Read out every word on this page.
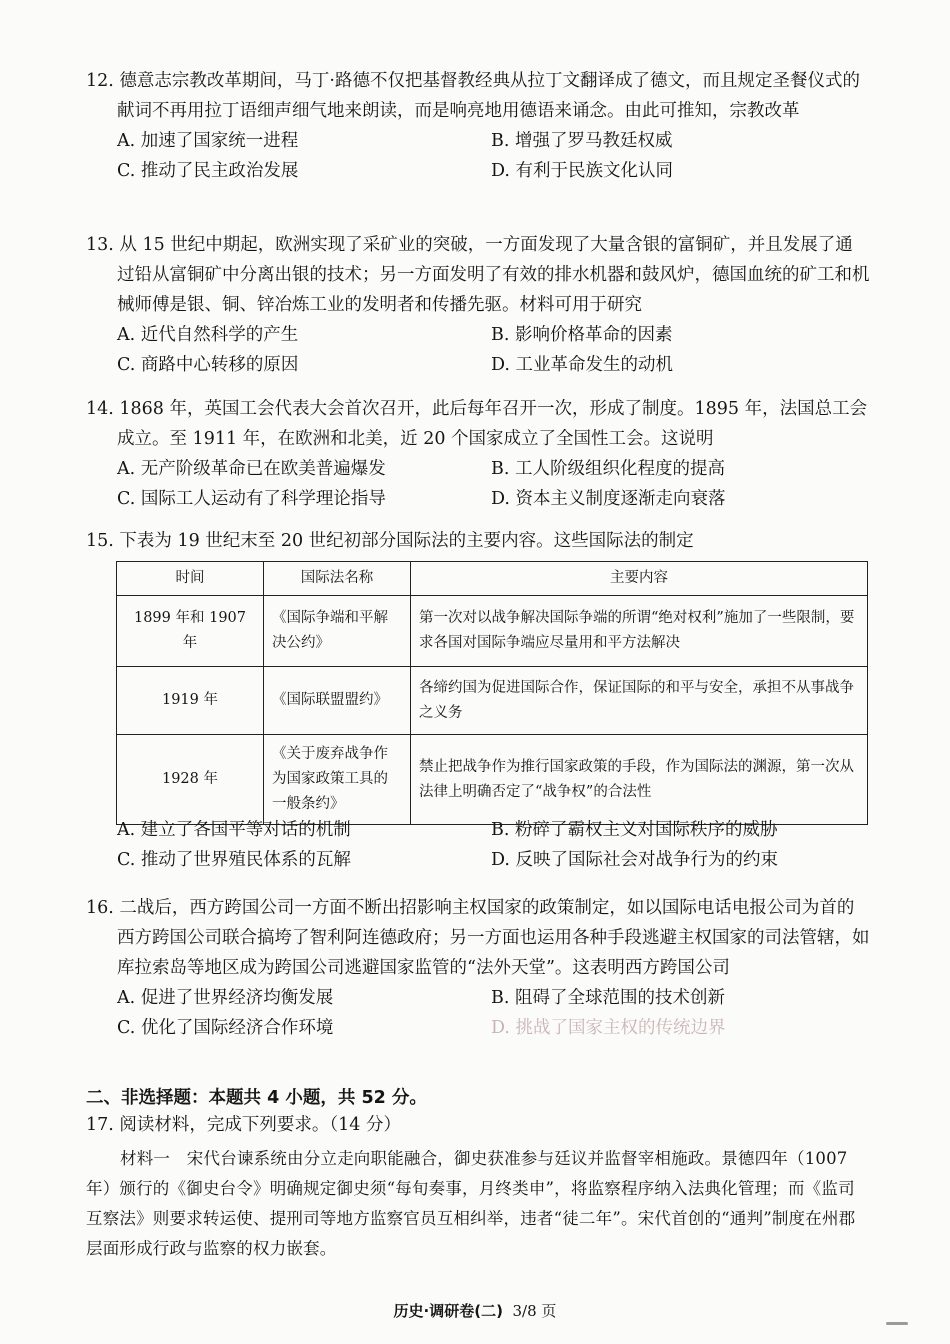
12. 德意志宗教改革期间，马丁·路德不仅把基督教经典从拉丁文翻译成了德文，而且规定圣餐仪式的献词不再用拉丁语细声细气地来朗读，而是响亮地用德语来诵念。由此可推知，宗教改革

A. 加速了国家统一进程	B. 增强了罗马教廷权威
C. 推动了民主政治发展	D. 有利于民族文化认同

13. 从 15 世纪中期起，欧洲实现了采矿业的突破，一方面发现了大量含银的富铜矿，并且发展了通过铅从富铜矿中分离出银的技术；另一方面发明了有效的排水机器和鼓风炉，德国血统的矿工和机械师傅是银、铜、锌冶炼工业的发明者和传播先驱。材料可用于研究

A. 近代自然科学的产生	B. 影响价格革命的因素
C. 商路中心转移的原因	D. 工业革命发生的动机

14. 1868 年，英国工会代表大会首次召开，此后每年召开一次，形成了制度。1895 年，法国总工会成立。至 1911 年，在欧洲和北美，近 20 个国家成立了全国性工会。这说明

A. 无产阶级革命已在欧美普遍爆发	B. 工人阶级组织化程度的提高
C. 国际工人运动有了科学理论指导	D. 资本主义制度逐渐走向衰落

15. 下表为 19 世纪末至 20 世纪初部分国际法的主要内容。这些国际法的制定

时间	国际法名称	主要内容
1899 年和 1907 年	《国际争端和平解决公约》	第一次对以战争解决国际争端的所谓“绝对权利”施加了一些限制，要求各国对国际争端应尽量用和平方法解决
1919 年	《国际联盟盟约》	各缔约国为促进国际合作，保证国际的和平与安全，承担不从事战争之义务
1928 年	《关于废弃战争作为国家政策工具的一般条约》	禁止把战争作为推行国家政策的手段，作为国际法的渊源，第一次从法律上明确否定了“战争权”的合法性
A. 建立了各国平等对话的机制	B. 粉碎了霸权主义对国际秩序的威胁
C. 推动了世界殖民体系的瓦解	D. 反映了国际社会对战争行为的约束

16. 二战后，西方跨国公司一方面不断出招影响主权国家的政策制定，如以国际电话电报公司为首的西方跨国公司联合搞垮了智利阿连德政府；另一方面也运用各种手段逃避主权国家的司法管辖，如库拉索岛等地区成为跨国公司逃避国家监管的“法外天堂”。这表明西方跨国公司

A. 促进了世界经济均衡发展	B. 阻碍了全球范围的技术创新
C. 优化了国际经济合作环境	D. 挑战了国家主权的传统边界
二、非选择题：本题共 4 小题，共 52 分。
17. 阅读材料，完成下列要求。（14 分）
材料一　宋代台谏系统由分立走向职能融合，御史获准参与廷议并监督宰相施政。景德四年（1007 年）颁行的《御史台令》明确规定御史须“每旬奏事，月终类申”，将监察程序纳入法典化管理；而《监司互察法》则要求转运使、提刑司等地方监察官员互相纠举，违者“徒二年”。宋代首创的“通判”制度在州郡层面形成行政与监察的权力嵌套。
历史·调研卷(二) 3/8 页
